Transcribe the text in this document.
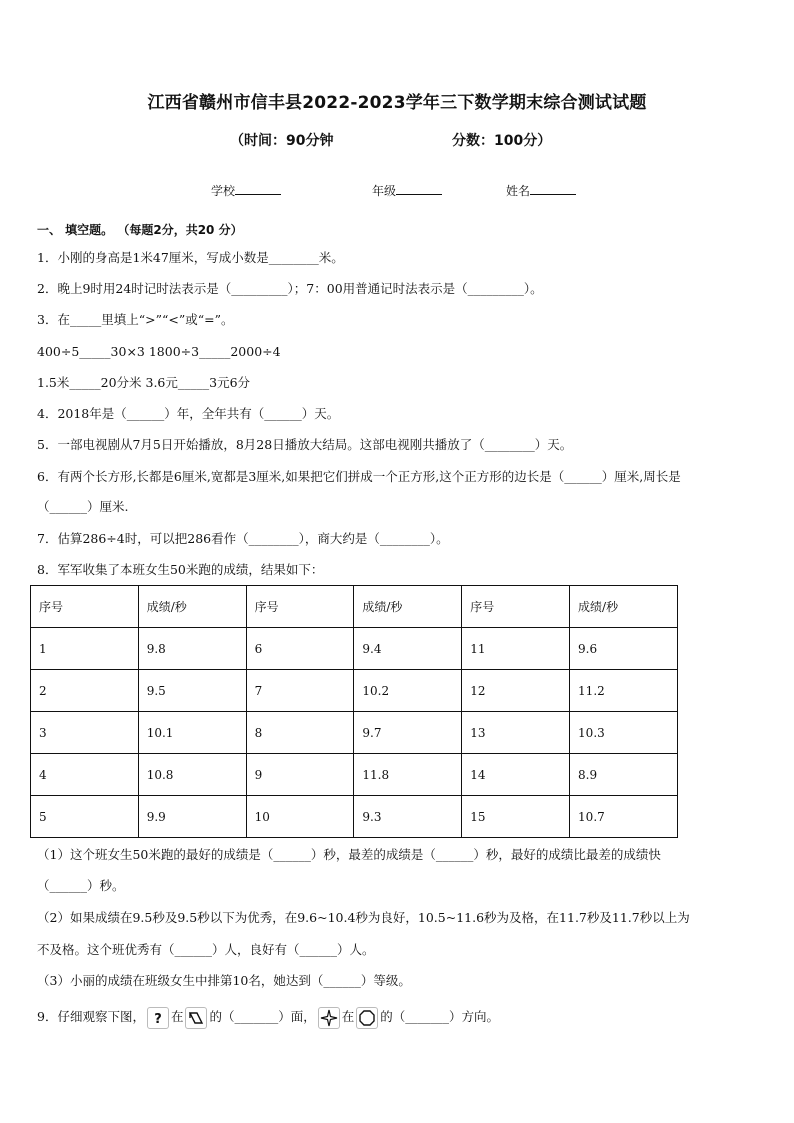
江西省赣州市信丰县2022-2023学年三下数学期末综合测试试题
（时间：90分钟	分数：100分）
学校	年级	姓名
一、 填空题。 （每题2分，共20 分）
1．小刚的身高是1米47厘米，写成小数是________米。
2．晚上9时用24时记时法表示是（_________）；7：00用普通记时法表示是（_________）。
3．在_____里填上“>”“<”或“=”。
400÷5_____30×3 1800÷3_____2000÷4
1.5米_____20分米 3.6元_____3元6分
4．2018年是（______）年，全年共有（______）天。
5．一部电视剧从7月5日开始播放，8月28日播放大结局。这部电视刚共播放了（________）天。
6．有两个长方形,长都是6厘米,宽都是3厘米,如果把它们拼成一个正方形,这个正方形的边长是（______）厘米,周长是
（______）厘米.
7．估算286÷4时，可以把286看作（________），商大约是（________）。
8．军军收集了本班女生50米跑的成绩，结果如下：
序号	成绩/秒	序号	成绩/秒	序号	成绩/秒
1	9.8	6	9.4	11	9.6
2	9.5	7	10.2	12	11.2
3	10.1	8	9.7	13	10.3
4	10.8	9	11.8	14	8.9
5	9.9	10	9.3	15	10.7
（1）这个班女生50米跑的最好的成绩是（______）秒，最差的成绩是（______）秒，最好的成绩比最差的成绩快
（______）秒。
（2）如果成绩在9.5秒及9.5秒以下为优秀，在9.6~10.4秒为良好，10.5~11.6秒为及格，在11.7秒及11.7秒以上为
不及格。这个班优秀有（______）人，良好有（______）人。
（3）小丽的成绩在班级女生中排第10名，她达到（______）等级。
9．仔细观察下图， ? 在 的（_______）面， 在 的（_______）方向。
